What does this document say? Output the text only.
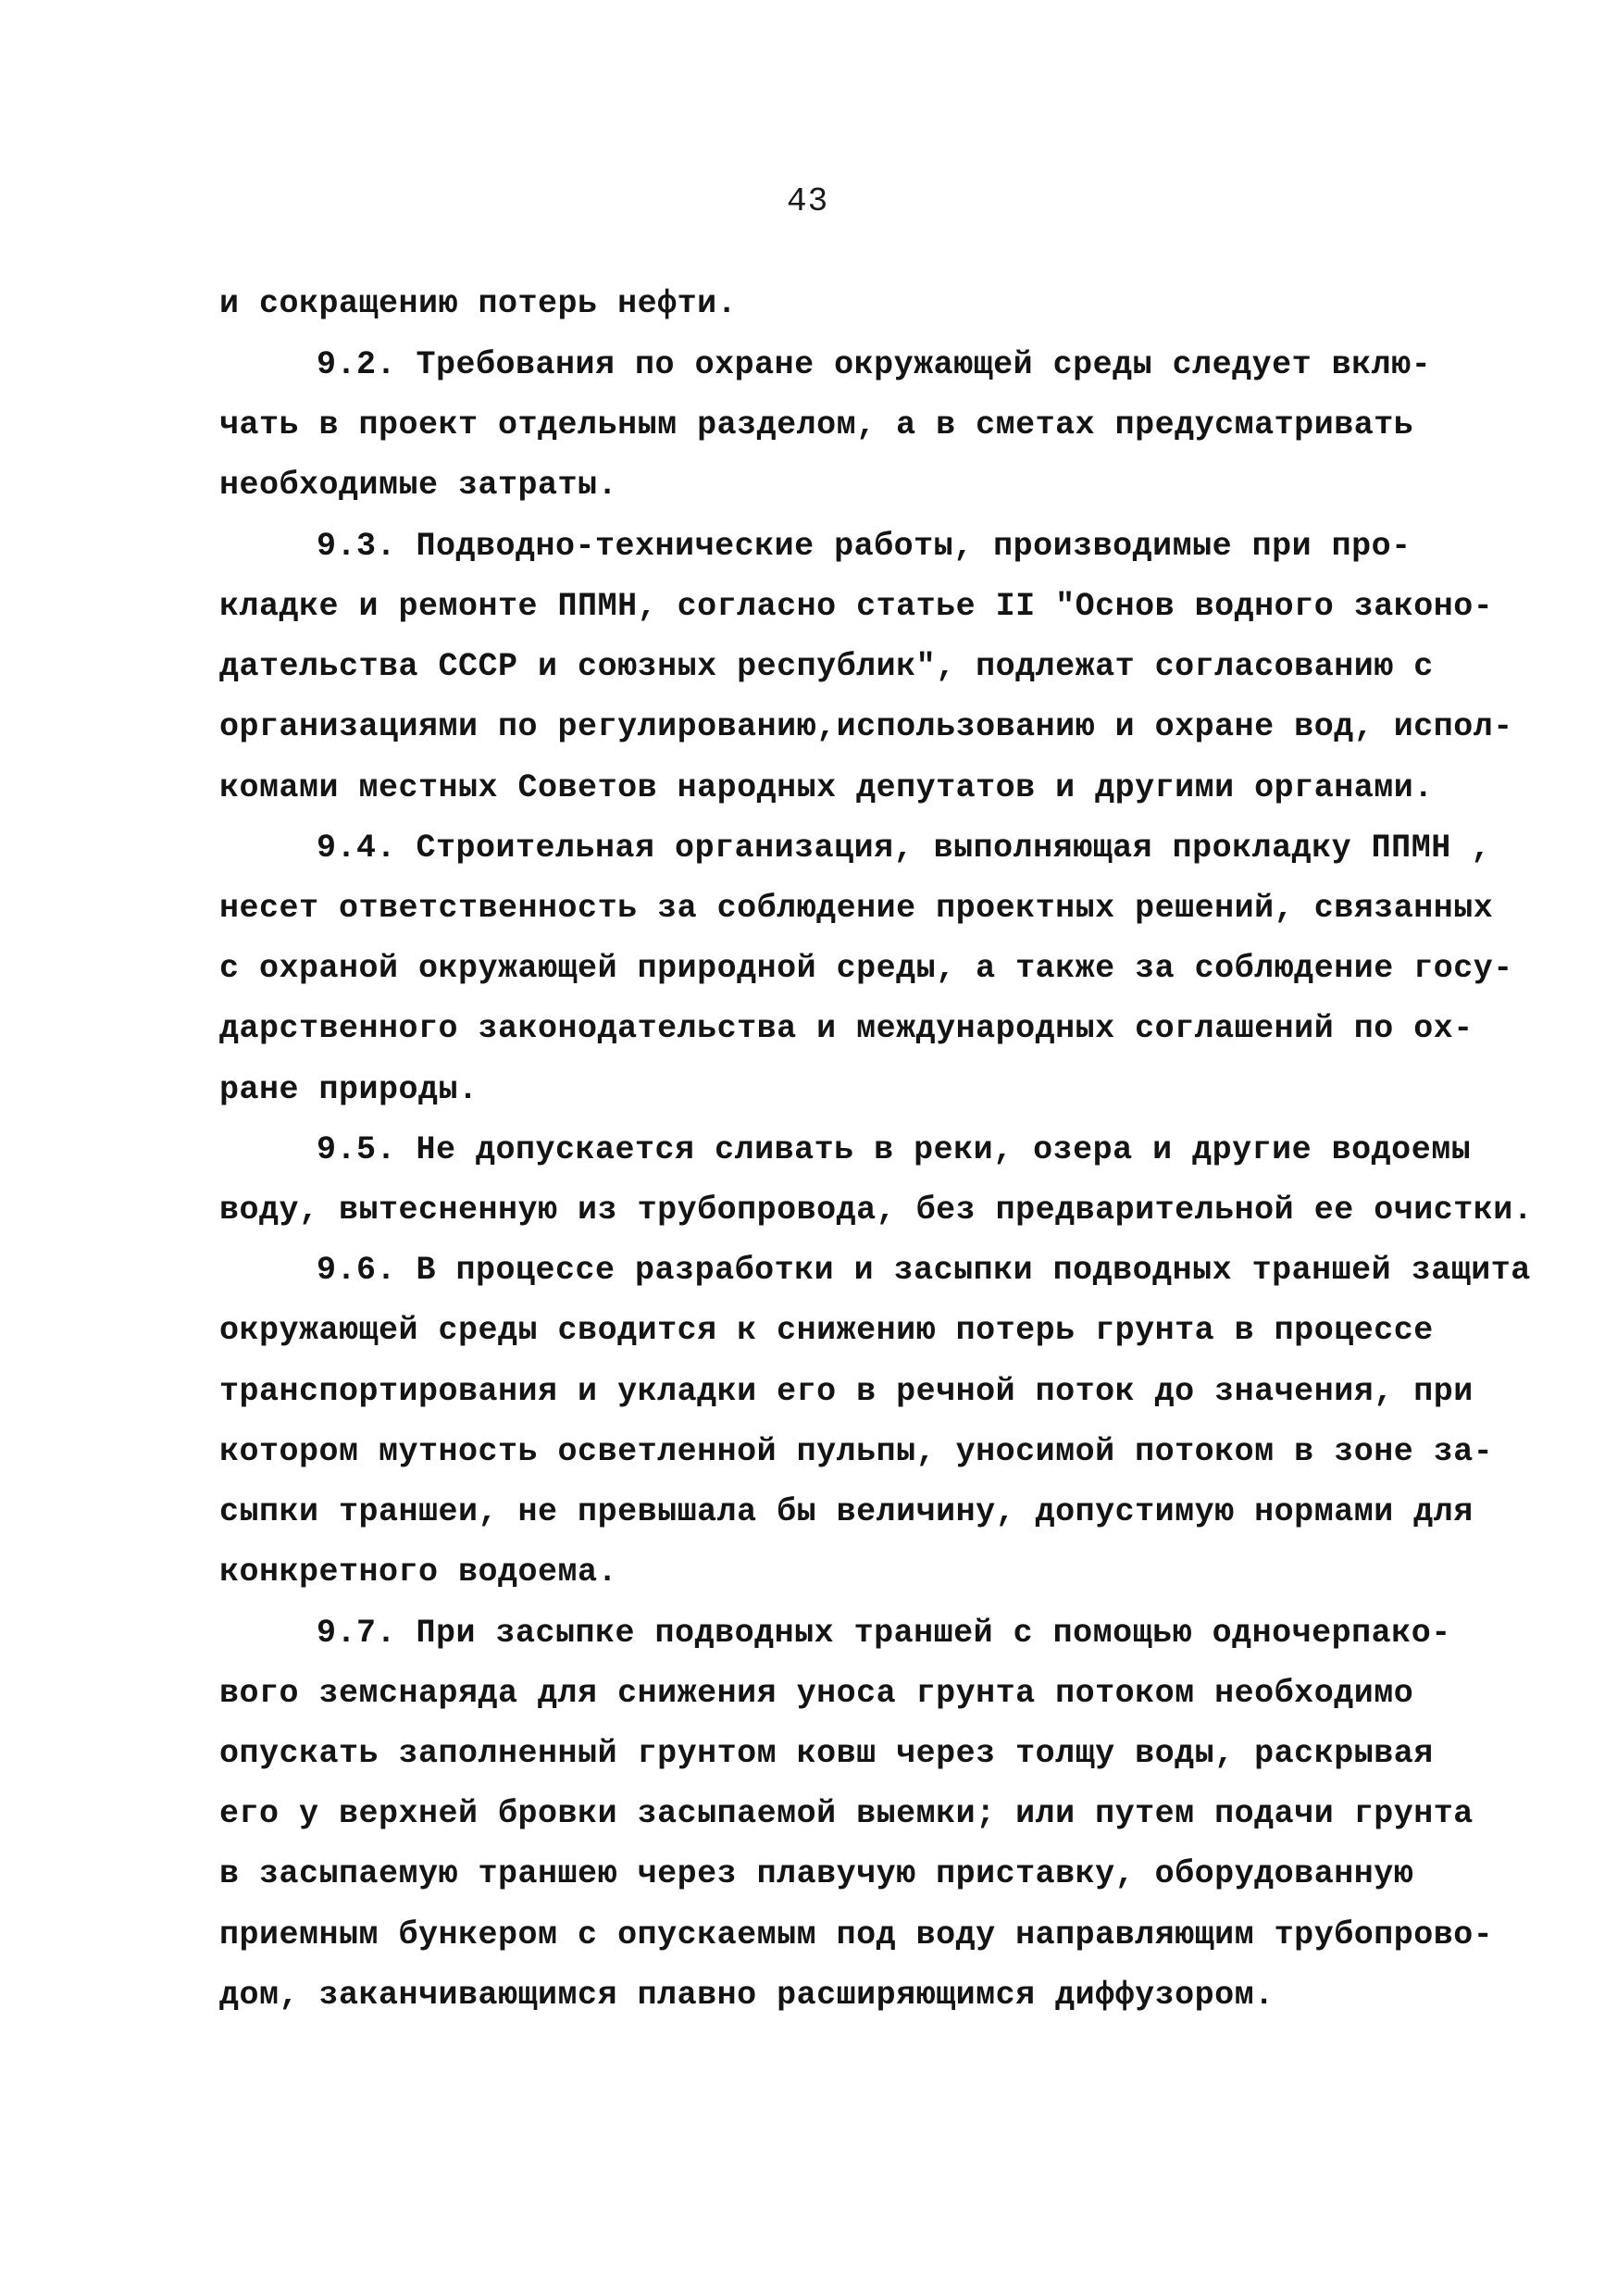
43

и сокращению потерь нефти.

9.2. Требования по охране окружающей среды следует вклю-

чать в проект отдельным разделом, а в сметах предусматривать

необходимые затраты.

9.3. Подводно-технические работы, производимые при про-

кладке и ремонте ППМН, согласно статье II "Основ водного законо-

дательства СССР и союзных республик", подлежат согласованию с

организациями по регулированию,использованию и охране вод, испол-

комами местных Советов народных депутатов и другими органами.

9.4. Строительная организация, выполняющая прокладку ППМН ,

несет ответственность за соблюдение проектных решений, связанных

с охраной окружающей природной среды, а также за соблюдение госу-

дарственного законодательства и международных соглашений по ох-

ране природы.

9.5. Не допускается сливать в реки, озера и другие водоемы

воду, вытесненную из трубопровода, без предварительной ее очистки.

9.6. В процессе разработки и засыпки подводных траншей защита

окружающей среды сводится к снижению потерь грунта в процессе

транспортирования и укладки его в речной поток до значения, при

котором мутность осветленной пульпы, уносимой потоком в зоне за-

сыпки траншеи, не превышала бы величину, допустимую нормами для

конкретного водоема.

9.7. При засыпке подводных траншей с помощью одночерпако-

вого земснаряда для снижения уноса грунта потоком необходимо

опускать заполненный грунтом ковш через толщу воды, раскрывая

его у верхней бровки засыпаемой выемки; или путем подачи грунта

в засыпаемую траншею через плавучую приставку, оборудованную

приемным бункером с опускаемым под воду направляющим трубопрово-

дом, заканчивающимся плавно расширяющимся диффузором.
